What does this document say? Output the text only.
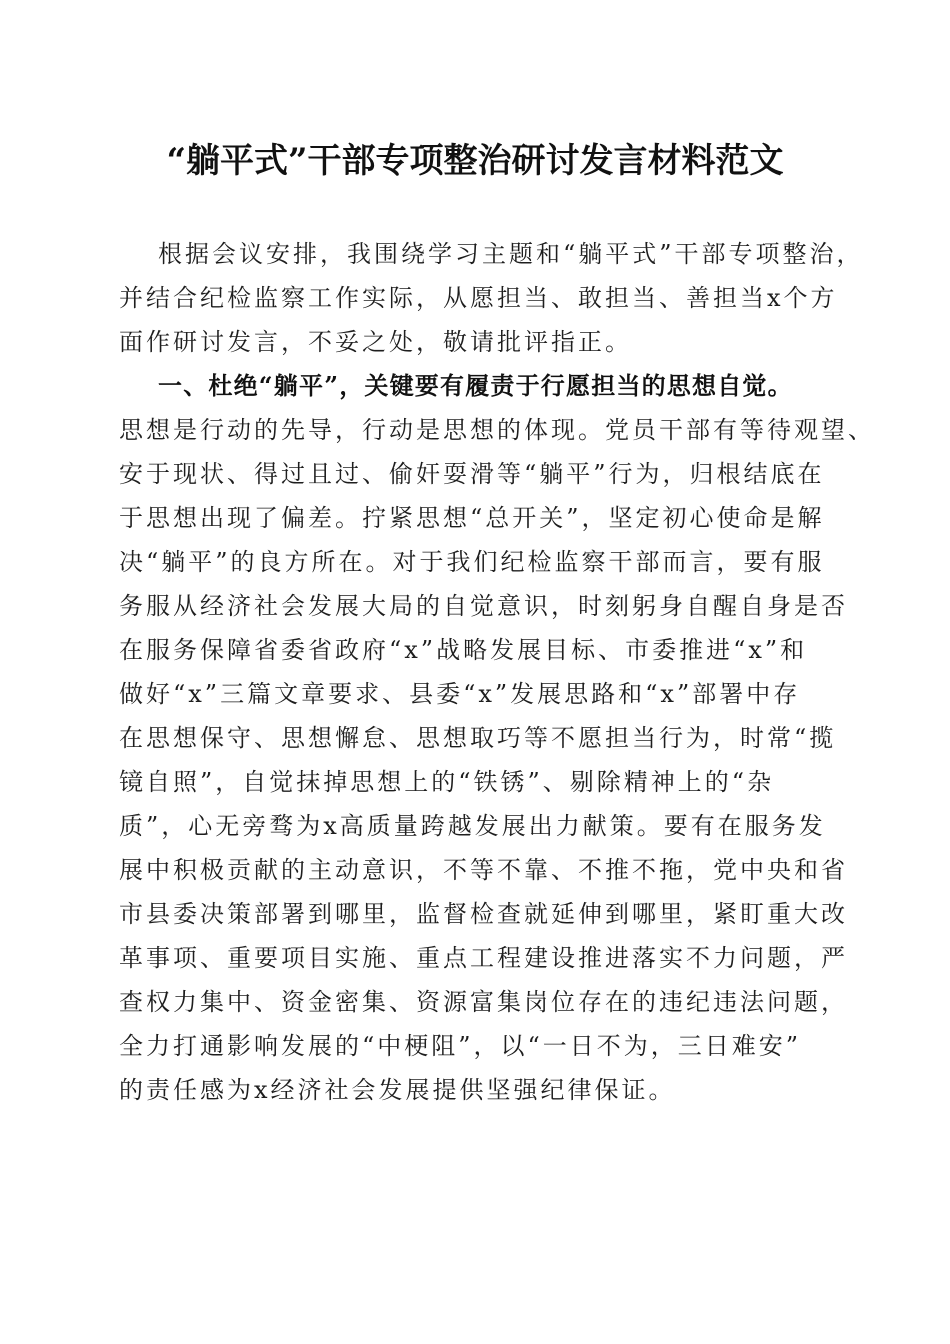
“躺平式”干部专项整治研讨发言材料范文
根据会议安排，我围绕学习主题和“躺平式”干部专项整治，
并结合纪检监察工作实际，从愿担当、敢担当、善担当x个方
面作研讨发言，不妥之处，敬请批评指正。
一、杜绝“躺平”，关键要有履责于行愿担当的思想自觉。
思想是行动的先导，行动是思想的体现。党员干部有等待观望、
安于现状、得过且过、偷奸耍滑等“躺平”行为，归根结底在
于思想出现了偏差。拧紧思想“总开关”，坚定初心使命是解
决“躺平”的良方所在。对于我们纪检监察干部而言，要有服
务服从经济社会发展大局的自觉意识，时刻躬身自醒自身是否
在服务保障省委省政府“x”战略发展目标、市委推进“x”和
做好“x”三篇文章要求、县委“x”发展思路和“x”部署中存
在思想保守、思想懈怠、思想取巧等不愿担当行为，时常“揽
镜自照”，自觉抹掉思想上的“铁锈”、剔除精神上的“杂
质”，心无旁骛为x高质量跨越发展出力献策。要有在服务发
展中积极贡献的主动意识，不等不靠、不推不拖，党中央和省
市县委决策部署到哪里，监督检查就延伸到哪里，紧盯重大改
革事项、重要项目实施、重点工程建设推进落实不力问题，严
查权力集中、资金密集、资源富集岗位存在的违纪违法问题，
全力打通影响发展的“中梗阻”，以“一日不为，三日难安”
的责任感为x经济社会发展提供坚强纪律保证。
